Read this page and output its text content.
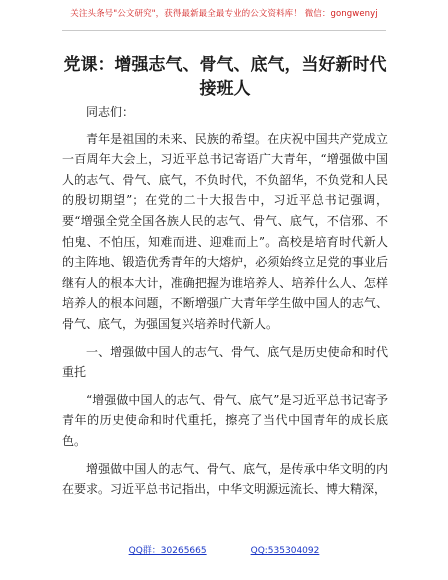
关注头条号"公文研究"，获得最新最全最专业的公文资料库！ 微信：gongwenyj
党课：增强志气、骨气、底气，当好新时代接班人

同志们：

青年是祖国的未来、民族的希望。在庆祝中国共产党成立一百周年大会上，习近平总书记寄语广大青年，“增强做中国人的志气、骨气、底气，不负时代，不负韶华，不负党和人民的殷切期望”；在党的二十大报告中，习近平总书记强调，要“增强全党全国各族人民的志气、骨气、底气，不信邪、不怕鬼、不怕压，知难而进、迎难而上”。高校是培育时代新人的主阵地、锻造优秀青年的大熔炉，必须始终立足党的事业后继有人的根本大计，准确把握为谁培养人、培养什么人、怎样培养人的根本问题，不断增强广大青年学生做中国人的志气、骨气、底气，为强国复兴培养时代新人。

一、增强做中国人的志气、骨气、底气是历史使命和时代重托

“增强做中国人的志气、骨气、底气”是习近平总书记寄予青年的历史使命和时代重托，擦亮了当代中国青年的成长底色。

增强做中国人的志气、骨气、底气，是传承中华文明的内在要求。习近平总书记指出，中华文明源远流长、博大精深，

QQ群：30265665	QQ:535304092
